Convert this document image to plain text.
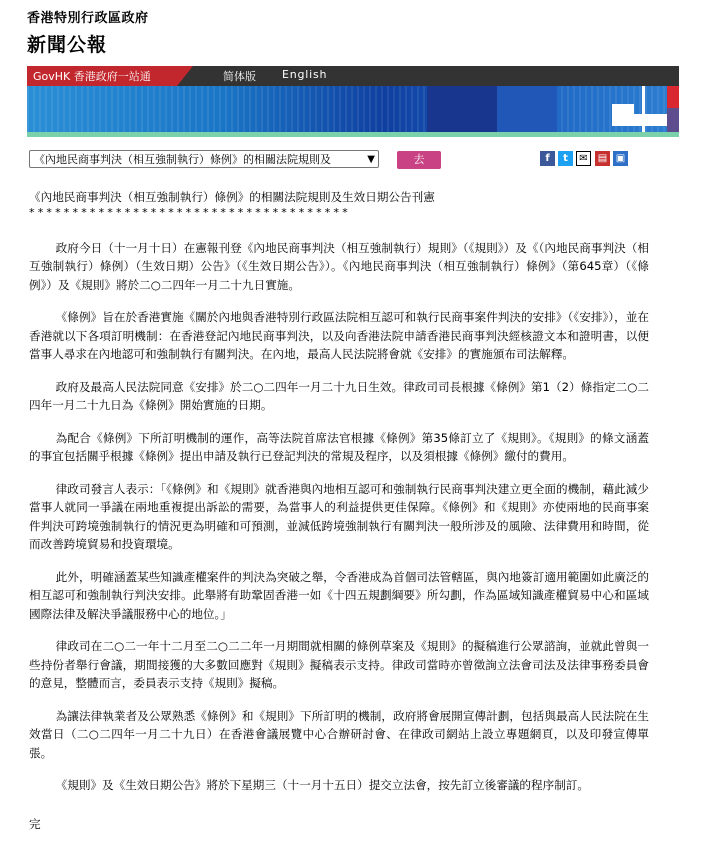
香港特別行政區政府
新聞公報
GovHK 香港政府一站通	简体版 English
《內地民商事判決（相互強制執行）條例》的相關法院規則及	▼	去	f	t	✉	▤ ▣

《內地民商事判決（相互強制執行）條例》的相關法院規則及生效日期公告刊憲

*************************************

政府今日（十一月十日）在憲報刊登《內地民商事判決（相互強制執行）規則》（《規則》）及《（內地民商事判決（相互強制執行）條例）（生效日期）公告》（《生效日期公告》）。《內地民商事判決（相互強制執行）條例》（第645章）（《條例》）及《規則》將於二○二四年一月二十九日實施。

《條例》旨在於香港實施《關於內地與香港特別行政區法院相互認可和執行民商事案件判決的安排》（《安排》），並在香港就以下各項訂明機制：在香港登記內地民商事判決，以及向香港法院申請香港民商事判決經核證文本和證明書，以便當事人尋求在內地認可和強制執行有關判決。在內地，最高人民法院將會就《安排》的實施頒布司法解釋。

政府及最高人民法院同意《安排》於二○二四年一月二十九日生效。律政司司長根據《條例》第1（2）條指定二○二四年一月二十九日為《條例》開始實施的日期。

為配合《條例》下所訂明機制的運作，高等法院首席法官根據《條例》第35條訂立了《規則》。《規則》的條文涵蓋的事宜包括關乎根據《條例》提出申請及執行已登記判決的常規及程序，以及須根據《條例》繳付的費用。

律政司發言人表示：「《條例》和《規則》就香港與內地相互認可和強制執行民商事判決建立更全面的機制，藉此減少當事人就同一爭議在兩地重複提出訴訟的需要，為當事人的利益提供更佳保障。《條例》和《規則》亦使兩地的民商事案件判決可跨境強制執行的情況更為明確和可預測，並減低跨境強制執行有關判決一般所涉及的風險、法律費用和時間，從而改善跨境貿易和投資環境。

此外，明確涵蓋某些知識產權案件的判決為突破之舉，令香港成為首個司法管轄區，與內地簽訂適用範圍如此廣泛的相互認可和強制執行判決安排。此舉將有助鞏固香港一如《十四五規劃綱要》所勾劃，作為區域知識產權貿易中心和區域國際法律及解決爭議服務中心的地位。」

律政司在二○二一年十二月至二○二二年一月期間就相關的條例草案及《規則》的擬稿進行公眾諮詢，並就此曾與一些持份者舉行會議，期間接獲的大多數回應對《規則》擬稿表示支持。律政司當時亦曾徵詢立法會司法及法律事務委員會的意見，整體而言，委員表示支持《規則》擬稿。

為讓法律執業者及公眾熟悉《條例》和《規則》下所訂明的機制，政府將會展開宣傳計劃，包括與最高人民法院在生效當日（二○二四年一月二十九日）在香港會議展覽中心合辦研討會、在律政司網站上設立專題網頁，以及印發宣傳單張。

《規則》及《生效日期公告》將於下星期三（十一月十五日）提交立法會，按先訂立後審議的程序制訂。

完
